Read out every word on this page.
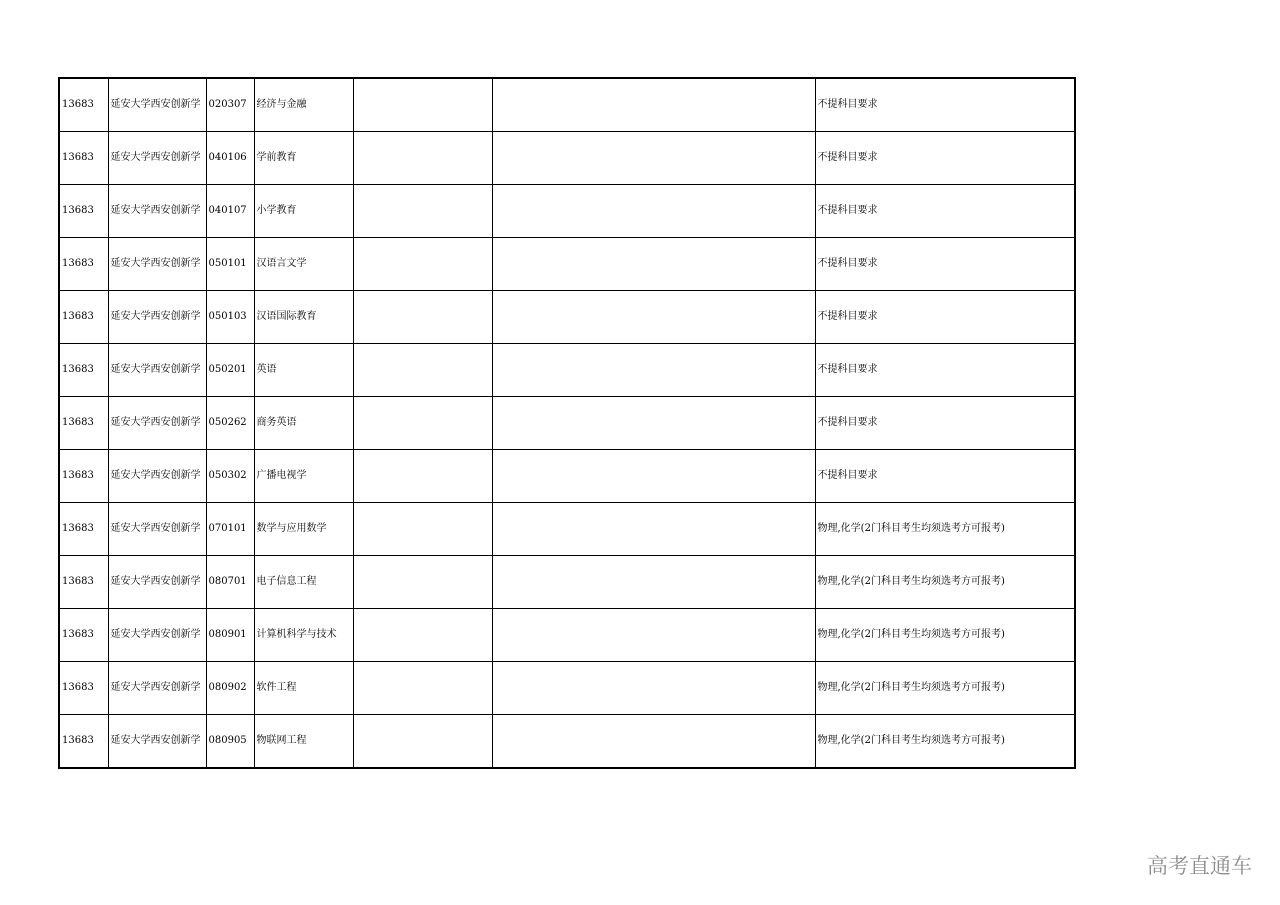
13683	延安大学西安创新学	020307	经济与金融			不提科目要求
13683	延安大学西安创新学	040106	学前教育			不提科目要求
13683	延安大学西安创新学	040107	小学教育			不提科目要求
13683	延安大学西安创新学	050101	汉语言文学			不提科目要求
13683	延安大学西安创新学	050103	汉语国际教育			不提科目要求
13683	延安大学西安创新学	050201	英语			不提科目要求
13683	延安大学西安创新学	050262	商务英语			不提科目要求
13683	延安大学西安创新学	050302	广播电视学			不提科目要求
13683	延安大学西安创新学	070101	数学与应用数学			物理,化学(2门科目考生均须选考方可报考)
13683	延安大学西安创新学	080701	电子信息工程			物理,化学(2门科目考生均须选考方可报考)
13683	延安大学西安创新学	080901	计算机科学与技术			物理,化学(2门科目考生均须选考方可报考)
13683	延安大学西安创新学	080902	软件工程			物理,化学(2门科目考生均须选考方可报考)
13683	延安大学西安创新学	080905	物联网工程			物理,化学(2门科目考生均须选考方可报考)
高考直通车
